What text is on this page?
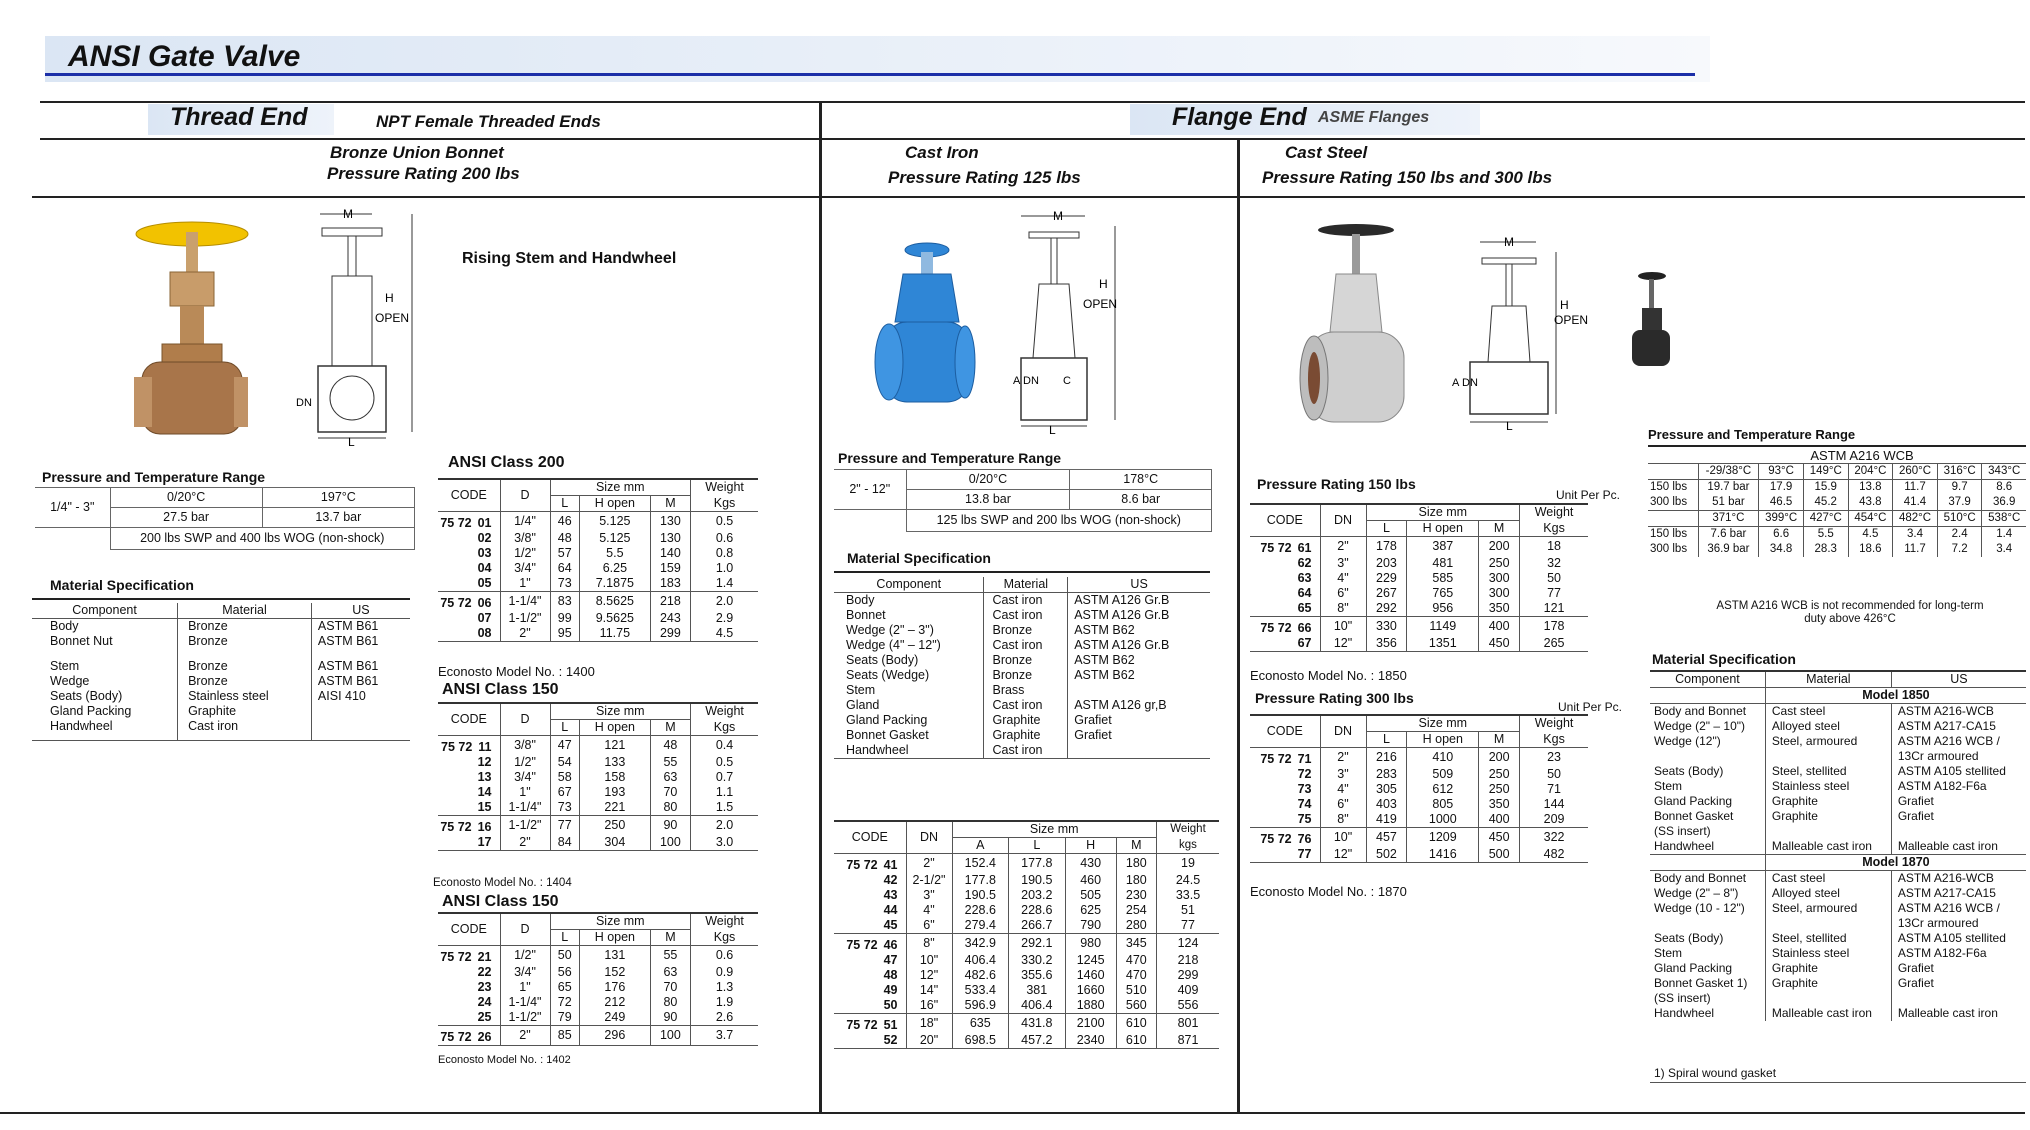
ANSI Gate Valve
Thread End	NPT Female Threaded Ends
Bronze Union Bonnet
Pressure Rating 200 lbs
M
H
OPEN
DN
L
Rising Stem and Handwheel
Pressure and Temperature Range
1/4" - 3"	0/20°C	197°C
	27.5 bar	13.7 bar
	200 lbs SWP and 400 lbs WOG (non-shock)	
Material Specification
Component	Material	US
Body	Bronze	ASTM B61
Bonnet Nut	Bronze	ASTM B61

Stem	Bronze	ASTM B61
Wedge	Bronze	ASTM B61
Seats (Body)	Stainless steel	AISI 410
Gland Packing	Graphite	
Handwheel	Cast iron	
ANSI Class 200
CODE	D	Size mm			Weight
		L	H open	M	Kgs
75 72 01	1/4"	46	5.125	130	0.5
02	3/8"	48	5.125	130	0.6
03	1/2"	57	5.5	140	0.8
04	3/4"	64	6.25	159	1.0
05	1"	73	7.1875	183	1.4
75 72 06	1-1/4"	83	8.5625	218	2.0
07	1-1/2"	99	9.5625	243	2.9
08	2"	95	11.75	299	4.5
Econosto Model No. : 1400
ANSI Class 150
CODE	D	Size mm			Weight
		L	H open	M	Kgs
75 72 11	3/8"	47	121	48	0.4
12	1/2"	54	133	55	0.5
13	3/4"	58	158	63	0.7
14	1"	67	193	70	1.1
15	1-1/4"	73	221	80	1.5
75 72 16	1-1/2"	77	250	90	2.0
17	2"	84	304	100	3.0
Econosto Model No. : 1404
ANSI Class 150
CODE	D	Size mm			Weight
		L	H open	M	Kgs
75 72 21	1/2"	50	131	55	0.6
22	3/4"	56	152	63	0.9
23	1"	65	176	70	1.3
24	1-1/4"	72	212	80	1.9
25	1-1/2"	79	249	90	2.6
75 72 26	2"	85	296	100	3.7
Econosto Model No. : 1402
Flange End ASME Flanges
Cast Iron
Pressure Rating 125 lbs
M
H
OPEN
A DN C
L
Pressure and Temperature Range
2" - 12"	0/20°C	178°C
	13.8 bar	8.6 bar
	125 lbs SWP and 200 lbs WOG (non-shock)	
Material Specification
Component	Material	US
Body	Cast iron	ASTM A126 Gr.B
Bonnet	Cast iron	ASTM A126 Gr.B
Wedge (2" – 3")	Bronze	ASTM B62
Wedge (4" – 12")	Cast iron	ASTM A126 Gr.B
Seats (Body)	Bronze	ASTM B62
Seats (Wedge)	Bronze	ASTM B62
Stem	Brass	
Gland	Cast iron	ASTM A126 gr,B
Gland Packing	Graphite	Grafiet
Bonnet Gasket	Graphite	Grafiet
Handwheel	Cast iron	
CODE	DN	Size mm				Weight
		A	L	H	M	kgs
75 72 41	2"	152.4	177.8	430	180	19
42	2-1/2"	177.8	190.5	460	180	24.5
43	3"	190.5	203.2	505	230	33.5
44	4"	228.6	228.6	625	254	51
45	6"	279.4	266.7	790	280	77
75 72 46	8"	342.9	292.1	980	345	124
47	10"	406.4	330.2	1245	470	218
48	12"	482.6	355.6	1460	470	299
49	14"	533.4	381	1660	510	409
50	16"	596.9	406.4	1880	560	556
75 72 51	18"	635	431.8	2100	610	801
52	20"	698.5	457.2	2340	610	871
Cast Steel
Pressure Rating 150 lbs and 300 lbs
M
H
OPEN
A DN
L
Pressure Rating 150 lbs
Unit Per Pc.
CODE	DN	Size mm			Weight
		L	H open	M	Kgs
75 72 61	2"	178	387	200	18
62	3"	203	481	250	32
63	4"	229	585	300	50
64	6"	267	765	300	77
65	8"	292	956	350	121
75 72 66	10"	330	1149	400	178
67	12"	356	1351	450	265
Econosto Model No. : 1850
Pressure Rating 300 lbs
Unit Per Pc.
CODE	DN	Size mm			Weight
		L	H open	M	Kgs
75 72 71	2"	216	410	200	23
72	3"	283	509	250	50
73	4"	305	612	250	71
74	6"	403	805	350	144
75	8"	419	1000	400	209
75 72 76	10"	457	1209	450	322
77	12"	502	1416	500	482
Econosto Model No. : 1870
Pressure and Temperature Range
	ASTM A216 WCB						
	-29/38°C	93°C	149°C	204°C	260°C	316°C	343°C
150 lbs	19.7 bar	17.9	15.9	13.8	11.7	9.7	8.6
300 lbs	51 bar	46.5	45.2	43.8	41.4	37.9	36.9
	371°C	399°C	427°C	454°C	482°C	510°C	538°C
150 lbs	7.6 bar	6.6	5.5	4.5	3.4	2.4	1.4
300 lbs	36.9 bar	34.8	28.3	18.6	11.7	7.2	3.4
ASTM A216 WCB is not recommended for long-term
duty above 426°C
Material Specification
Component	Material	US
	Model 1850	
Body and Bonnet	Cast steel	ASTM A216-WCB
Wedge (2" – 10")	Alloyed steel	ASTM A217-CA15
Wedge (12")	Steel, armoured	ASTM A216 WCB /
		13Cr armoured
Seats (Body)	Steel, stellited	ASTM A105 stellited
Stem	Stainless steel	ASTM A182-F6a
Gland Packing	Graphite	Grafiet
Bonnet Gasket	Graphite	Grafiet
(SS insert)		
Handwheel	Malleable cast iron	Malleable cast iron
	Model 1870	
Body and Bonnet	Cast steel	ASTM A216-WCB
Wedge (2" – 8")	Alloyed steel	ASTM A217-CA15
Wedge (10 - 12")	Steel, armoured	ASTM A216 WCB /
		13Cr armoured
Seats (Body)	Steel, stellited	ASTM A105 stellited
Stem	Stainless steel	ASTM A182-F6a
Gland Packing	Graphite	Grafiet
Bonnet Gasket 1)	Graphite	Grafiet
(SS insert)		
Handwheel	Malleable cast iron	Malleable cast iron
1) Spiral wound gasket
